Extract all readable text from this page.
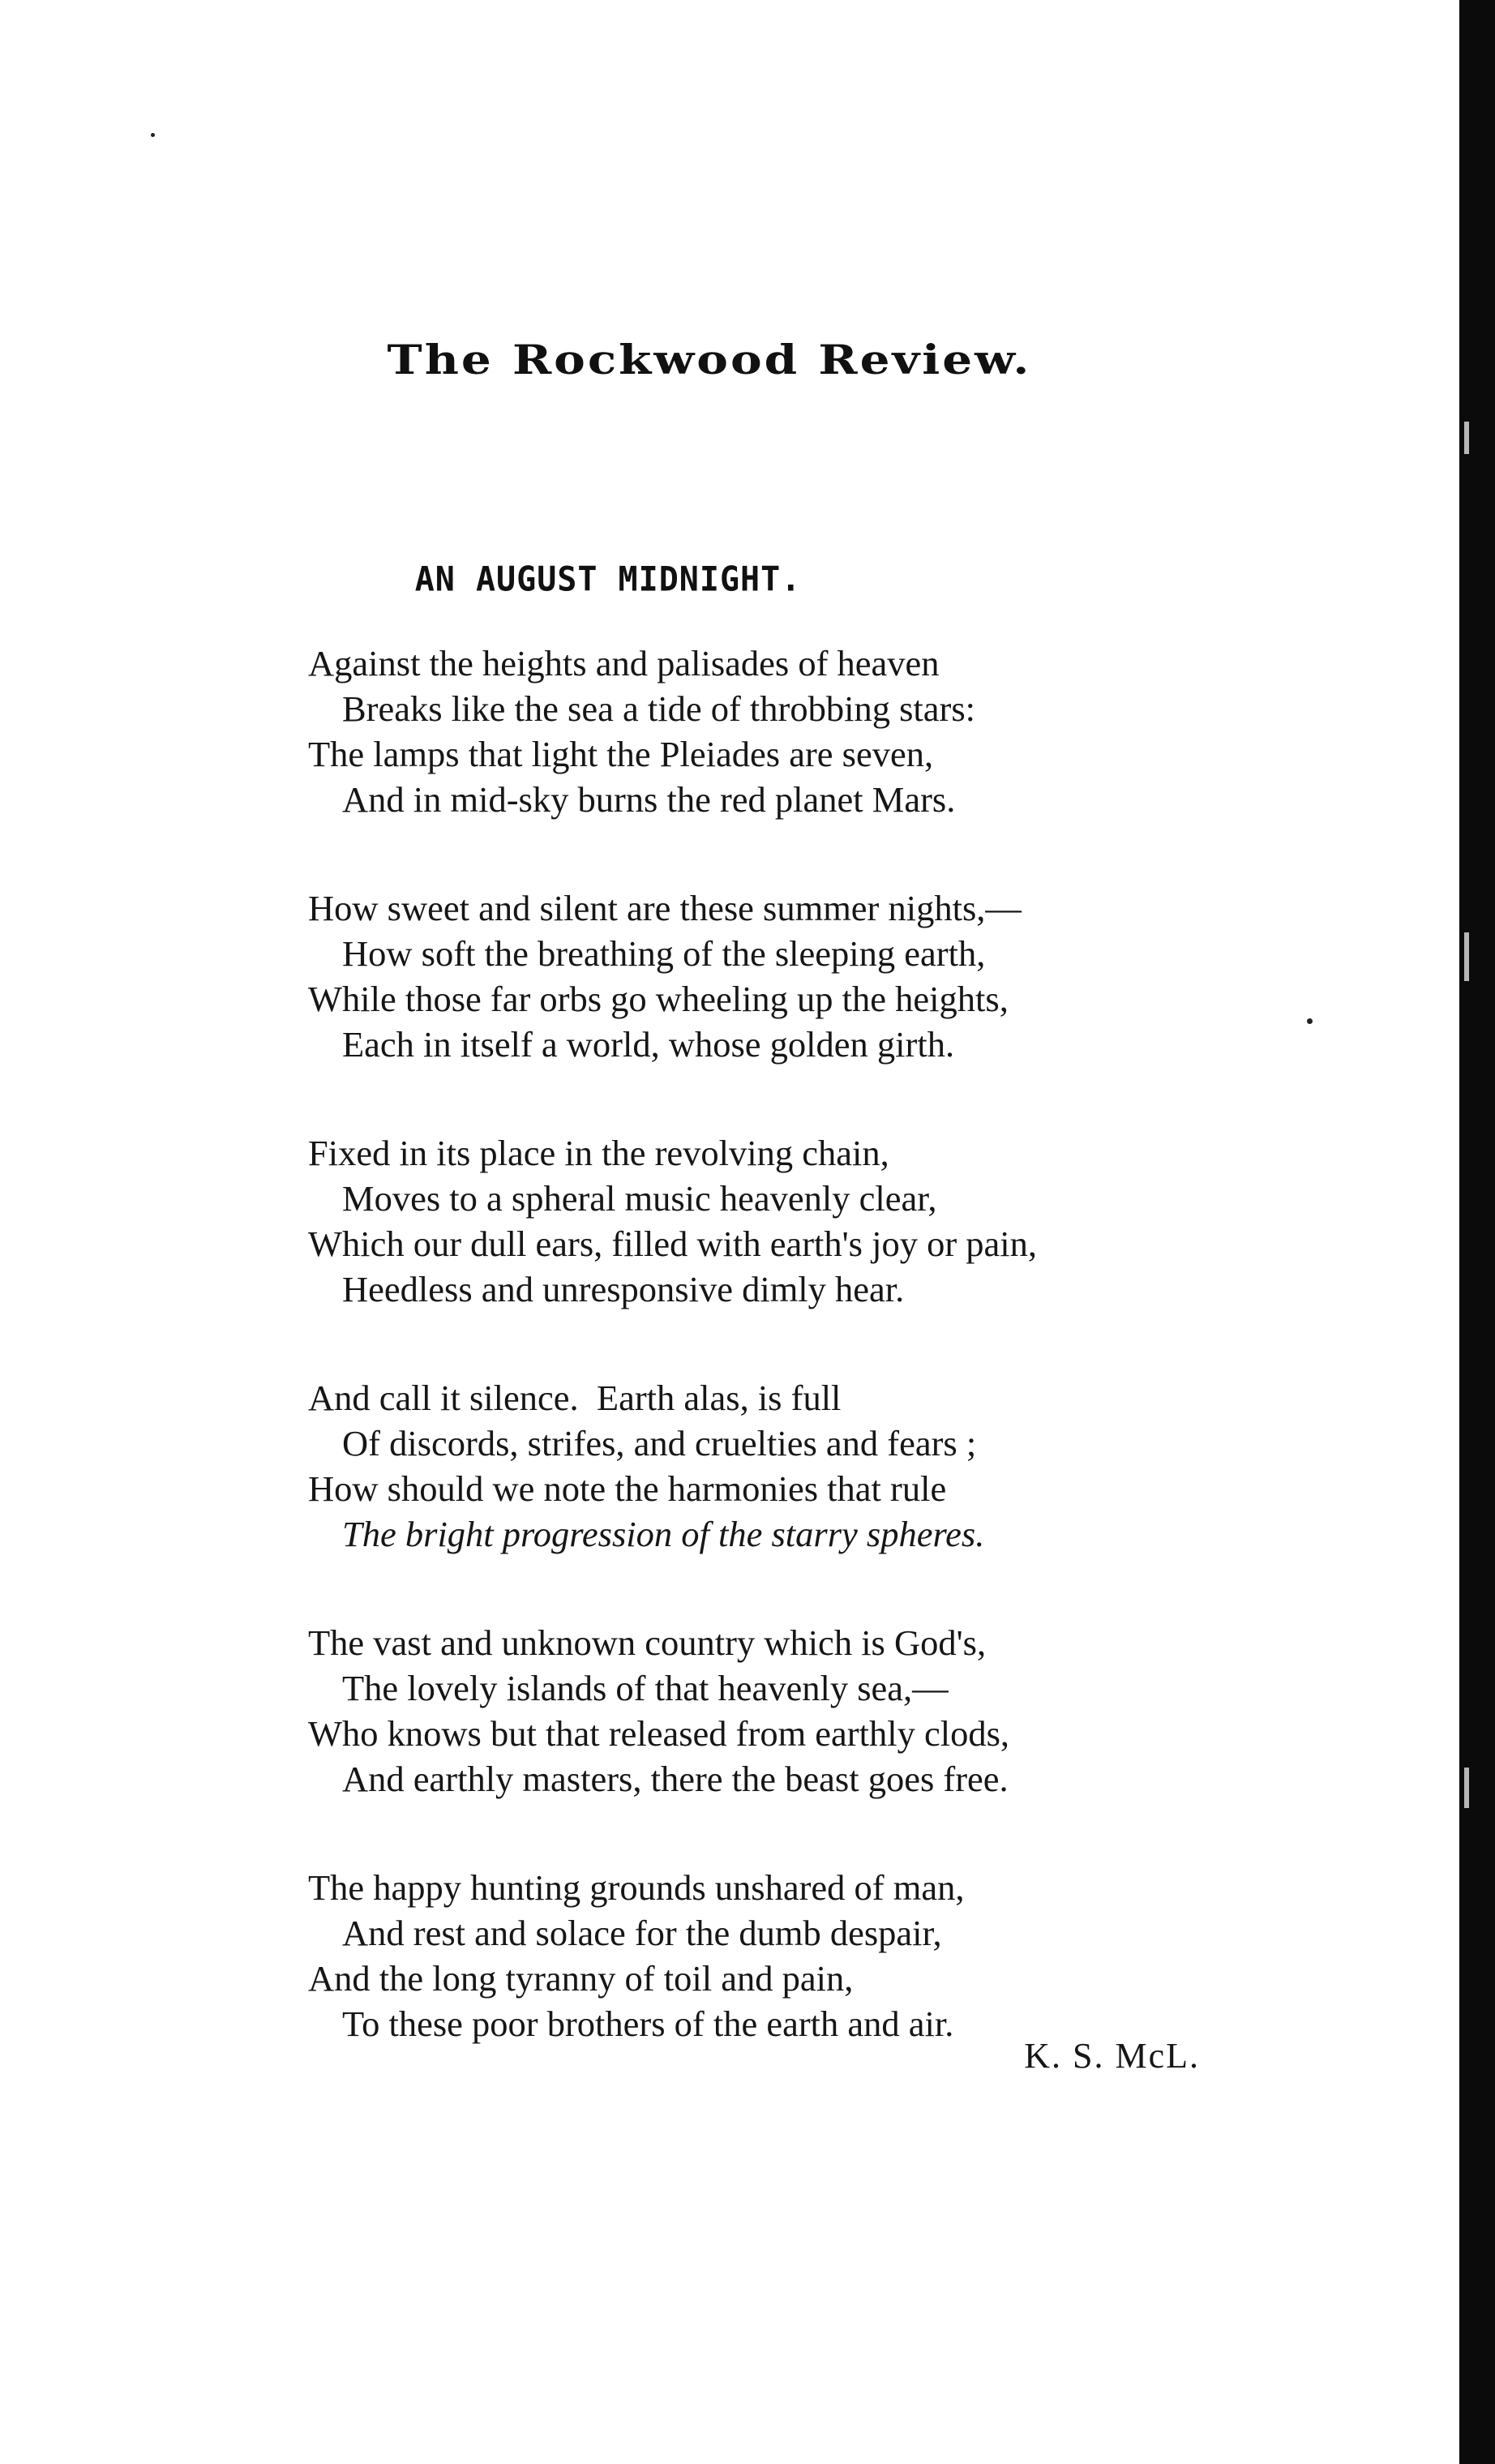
The Rockwood Review.
AN AUGUST MIDNIGHT.
Against the heights and palisades of heaven
Breaks like the sea a tide of throbbing stars:
The lamps that light the Pleiades are seven,
And in mid-sky burns the red planet Mars.
How sweet and silent are these summer nights,—
How soft the breathing of the sleeping earth,
While those far orbs go wheeling up the heights,
Each in itself a world, whose golden girth.
Fixed in its place in the revolving chain,
Moves to a spheral music heavenly clear,
Which our dull ears, filled with earth's joy or pain,
Heedless and unresponsive dimly hear.
And call it silence.  Earth alas, is full
Of discords, strifes, and cruelties and fears ;
How should we note the harmonies that rule
The bright progression of the starry spheres.
The vast and unknown country which is God's,
The lovely islands of that heavenly sea,—
Who knows but that released from earthly clods,
And earthly masters, there the beast goes free.
The happy hunting grounds unshared of man,
And rest and solace for the dumb despair,
And the long tyranny of toil and pain,
To these poor brothers of the earth and air.
K. S. McL.
